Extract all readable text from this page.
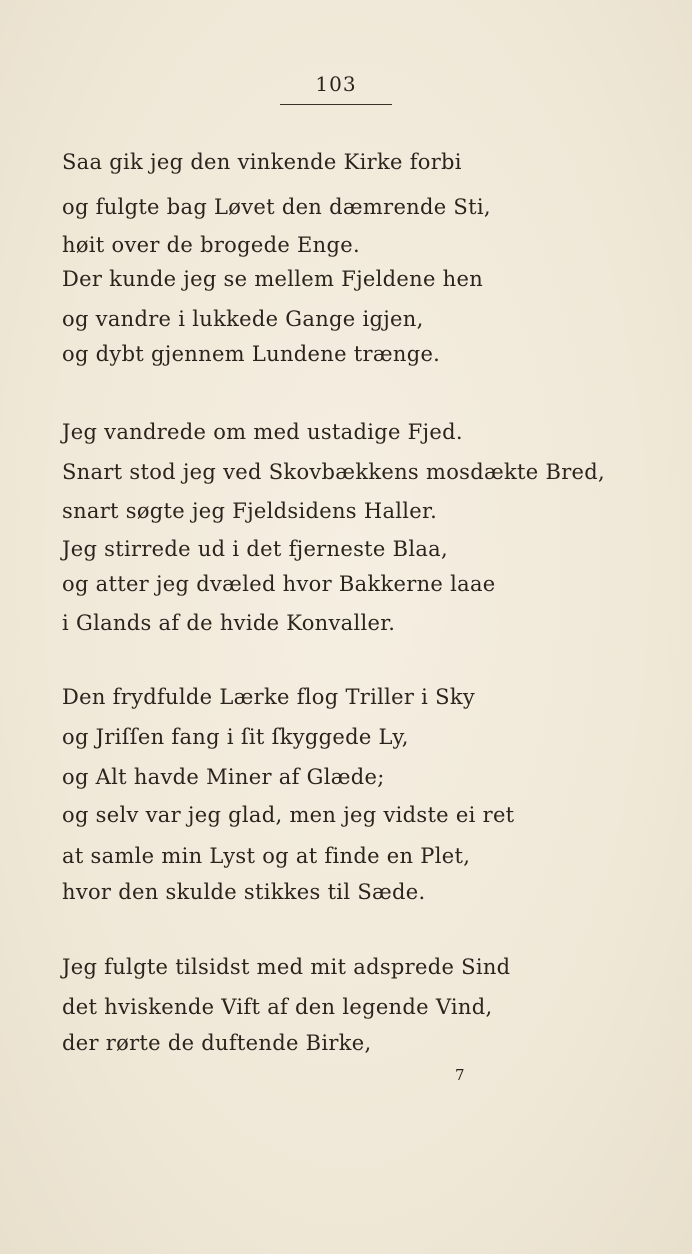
103
Saa gik jeg den vinkende Kirke forbi
og fulgte bag Løvet den dæmrende Sti,
høit over de brogede Enge.
Der kunde jeg se mellem Fjeldene hen
og vandre i lukkede Gange igjen,
og dybt gjennem Lundene trænge.
Jeg vandrede om med ustadige Fjed.
Snart stod jeg ved Skovbækkens mosdækte Bred,
snart søgte jeg Fjeldsidens Haller.
Jeg stirrede ud i det fjerneste Blaa,
og atter jeg dvæled hvor Bakkerne laae
i Glands af de hvide Konvaller.
Den frydfulde Lærke flog Triller i Sky
og Jriſſen fang i ſit ſkyggede Ly,
og Alt havde Miner af Glæde;
og selv var jeg glad, men jeg vidste ei ret
at samle min Lyst og at finde en Plet,
hvor den skulde stikkes til Sæde.
Jeg fulgte tilsidst med mit adsprede Sind
det hviskende Vift af den legende Vind,
der rørte de duftende Birke,
7
